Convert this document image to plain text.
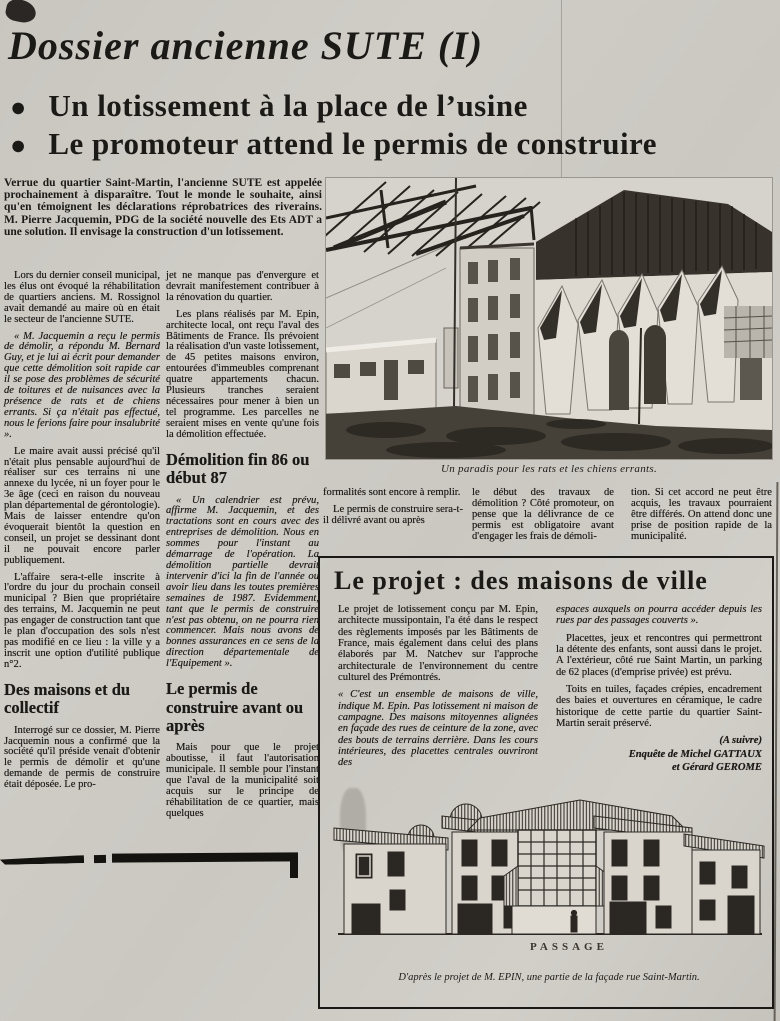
Dossier ancienne SUTE (I)
● Un lotissement à la place de l’usine
● Le promoteur attend le permis de construire
Verrue du quartier Saint-Martin, l'ancienne SUTE est appelée prochainement à disparaître. Tout le monde le souhaite, ainsi qu'en témoignent les déclarations réprobatrices des riverains. M. Pierre Jacquemin, PDG de la société nouvelle des Ets ADT a une solution. Il envisage la construction d'un lotissement.

Lors du dernier conseil municipal, les élus ont évoqué la réhabilitation de quartiers anciens. M. Rossignol avait demandé au maire où en était le secteur de l'ancienne SUTE.

« M. Jacquemin a reçu le permis de démolir, a répondu M. Bernard Guy, et je lui ai écrit pour demander que cette démolition soit rapide car il se pose des problèmes de sécurité de toitures et de nuisances avec la présence de rats et de chiens errants. Si ça n'était pas effectué, nous le ferions faire pour insalubrité ».

Le maire avait aussi précisé qu'il n'était plus pensable aujourd'hui de réaliser sur ces terrains ni une annexe du lycée, ni un foyer pour le 3e âge (ceci en raison du nouveau plan départemental de gérontologie). Mais de laisser entendre qu'on évoquerait bientôt la question en conseil, un projet se dessinant dont il ne pouvait encore parler publiquement.

L'affaire sera-t-elle inscrite à l'ordre du jour du prochain conseil municipal ? Bien que propriétaire des terrains, M. Jacquemin ne peut pas engager de construction tant que le plan d'occupation des sols n'est pas modifié en ce lieu : la ville y a inscrit une option d'utilité publique n°2.

Des maisons et du collectif

Interrogé sur ce dossier, M. Pierre Jacquemin nous a confirmé que la société qu'il préside venait d'obtenir le permis de démolir et qu'une demande de permis de construire était déposée. Le pro-

jet ne manque pas d'envergure et devrait manifestement contribuer à la rénovation du quartier.

Les plans réalisés par M. Epin, architecte local, ont reçu l'aval des Bâtiments de France. Ils prévoient la réalisation d'un vaste lotissement, de 45 petites maisons environ, entourées d'immeubles comprenant quatre appartements chacun. Plusieurs tranches seraient nécessaires pour mener à bien un tel programme. Les parcelles ne seraient mises en vente qu'une fois la démolition effectuée.

Démolition fin 86 ou début 87

« Un calendrier est prévu, affirme M. Jacquemin, et des tractations sont en cours avec des entreprises de démolition. Nous en sommes pour l'instant au démarrage de l'opération. La démolition partielle devrait intervenir d'ici la fin de l'année ou avoir lieu dans les toutes premières semaines de 1987. Evidemment, tant que le permis de construire n'est pas obtenu, on ne pourra rien commencer. Mais nous avons de bonnes assurances en ce sens de la direction départementale de l'Equipement ».

Le permis de construire avant ou après

Mais pour que le projet aboutisse, il faut l'autorisation municipale. Il semble pour l'instant que l'aval de la municipalité soit acquis sur le principe de réhabilitation de ce quartier, mais quelques

Un paradis pour les rats et les chiens errants.

formalités sont encore à remplir.

Le permis de construire sera-t-il délivré avant ou après

le début des travaux de démolition ? Côté promoteur, on pense que la délivrance de ce permis est obligatoire avant d'engager les frais de démoli-

tion. Si cet accord ne peut être acquis, les travaux pourraient être différés. On attend donc une prise de position rapide de la municipalité.

Le projet : des maisons de ville

Le projet de lotissement conçu par M. Epin, architecte mussipontain, l'a été dans le respect des règlements imposés par les Bâtiments de France, mais également dans celui des plans élaborés par M. Natchev sur l'approche architecturale de l'environnement du centre culturel des Prémontrés.

« C'est un ensemble de maisons de ville, indique M. Epin. Pas lotissement ni maison de campagne. Des maisons mitoyennes alignées en façade des rues de ceinture de la zone, avec des bouts de terrains derrière. Dans les cours intérieures, des placettes centrales ouvriront des

espaces auxquels on pourra accéder depuis les rues par des passages couverts ».

Placettes, jeux et rencontres qui permettront la détente des enfants, sont aussi dans le projet. A l'extérieur, côté rue Saint Martin, un parking de 62 places (d'emprise privée) est prévu.

Toits en tuiles, façades crépies, encadrement des baies et ouvertures en céramique, le cadre historique de cette partie du quartier Saint-Martin serait préservé.

(A suivre)

Enquête de Michel GATTAUX

et Gérard GEROME

PASSAGE
D'après le projet de M. EPIN, une partie de la façade rue Saint-Martin.
